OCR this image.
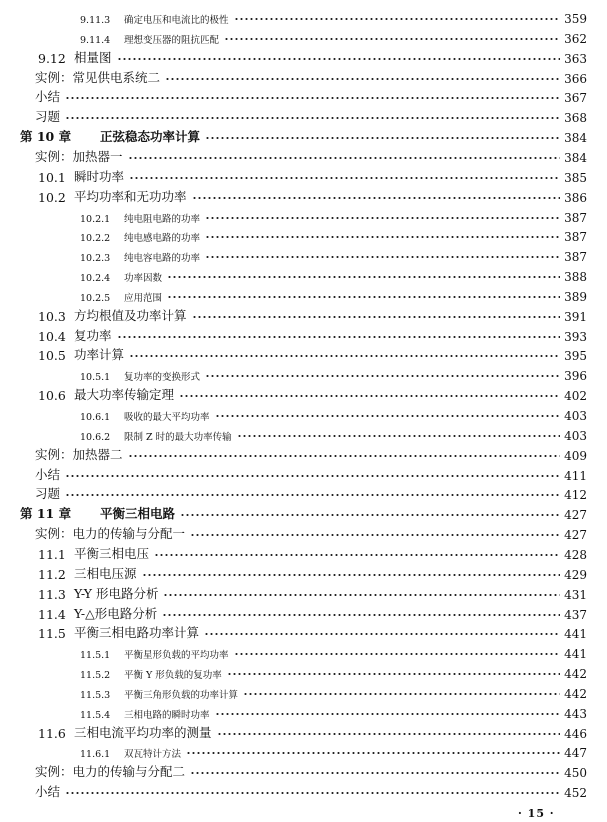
9.11.3	确定电压和电流比的极性	359
9.11.4	理想变压器的阻抗匹配	362
9.12 相量图	363
实例：常见供电系统二	366
小结	367
习题	368
第 10 章	正弦稳态功率计算	384
实例：加热器一	384
10.1 瞬时功率	385
10.2 平均功率和无功功率	386
10.2.1	纯电阻电路的功率	387
10.2.2	纯电感电路的功率	387
10.2.3	纯电容电路的功率	387
10.2.4	功率因数	388
10.2.5	应用范围	389
10.3 方均根值及功率计算	391
10.4 复功率	393
10.5 功率计算	395
10.5.1	复功率的变换形式	396
10.6 最大功率传输定理	402
10.6.1	吸收的最大平均功率	403
10.6.2	限制 Z 时的最大功率传输	403
实例：加热器二	409
小结	411
习题	412
第 11 章	平衡三相电路	427
实例：电力的传输与分配一	427
11.1 平衡三相电压	428
11.2 三相电压源	429
11.3 Y-Y 形电路分析	431
11.4 Y-△形电路分析	437
11.5 平衡三相电路功率计算	441
11.5.1	平衡星形负载的平均功率	441
11.5.2	平衡 Y 形负载的复功率	442
11.5.3	平衡三角形负载的功率计算	442
11.5.4	三相电路的瞬时功率	443
11.6 三相电流平均功率的测量	446
11.6.1	双瓦特计方法	447
实例：电力的传输与分配二	450
小结	452
· 15 ·
